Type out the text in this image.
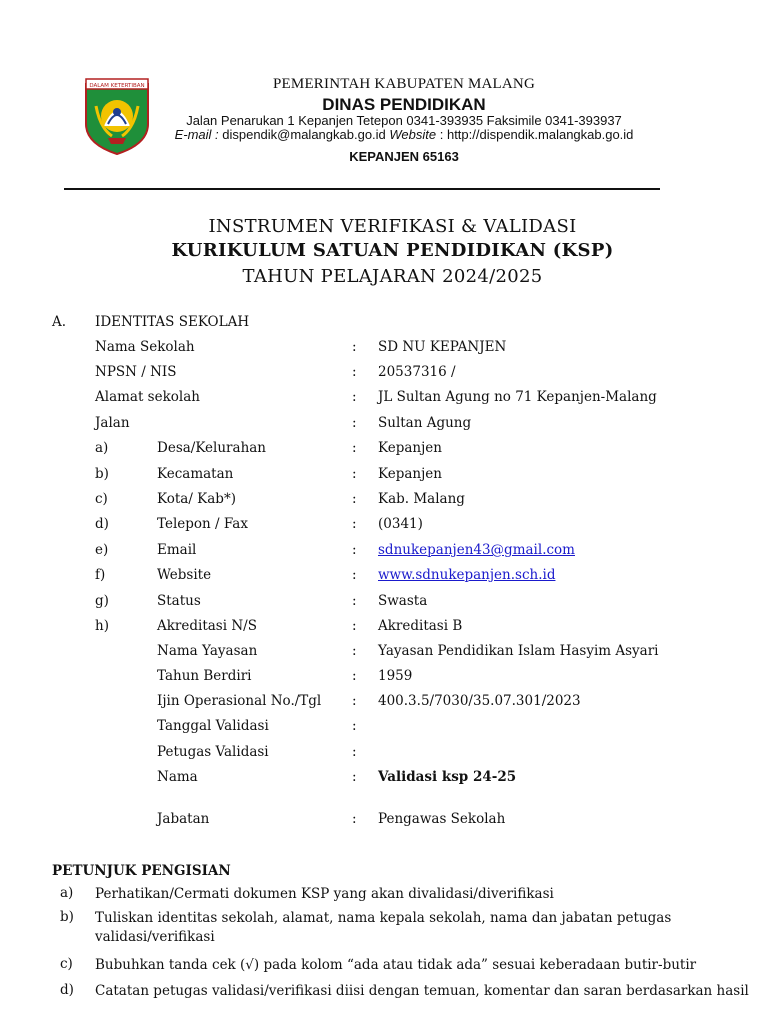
DALAM KETERTIBAN	PEMERINTAH KABUPATEN MALANG
DINAS PENDIDIKAN
Jalan Penarukan 1 Kepanjen Tetepon 0341-393935 Faksimile 0341-393937
E-mail : dispendik@malangkab.go.id Website : http://dispendik.malangkab.go.id
KEPANJEN 65163
INSTRUMEN VERIFIKASI & VALIDASI
KURIKULUM SATUAN PENDIDIKAN (KSP)
TAHUN PELAJARAN 2024/2025
A. IDENTITAS SEKOLAH
Nama Sekolah	: SD NU KEPANJEN
NPSN / NIS	: 20537316 /
Alamat sekolah	: JL Sultan Agung no 71 Kepanjen-Malang
Jalan	: Sultan Agung
a)	Desa/Kelurahan	: Kepanjen
b)	Kecamatan	: Kepanjen
c)	Kota/ Kab*)	: Kab. Malang
d)	Telepon / Fax	: (0341)
e)	Email	: sdnukepanjen43@gmail.com
f)	Website	: www.sdnukepanjen.sch.id
g)	Status	: Swasta
h)	Akreditasi N/S	: Akreditasi B
Nama Yayasan	: Yayasan Pendidikan Islam Hasyim Asyari
Tahun Berdiri	: 1959
Ijin Operasional No./Tgl : 400.3.5/7030/35.07.301/2023
Tanggal Validasi	:
Petugas Validasi	:
Nama	: Validasi ksp 24-25
Jabatan	: Pengawas Sekolah
PETUNJUK PENGISIAN
a) Perhatikan/Cermati dokumen KSP yang akan divalidasi/diverifikasi
b) Tuliskan identitas sekolah, alamat, nama kepala sekolah, nama dan jabatan petugas
validasi/verifikasi
c) Bubuhkan tanda cek (√) pada kolom “ada atau tidak ada” sesuai keberadaan butir-butir
d) Catatan petugas validasi/verifikasi diisi dengan temuan, komentar dan saran berdasarkan hasil
